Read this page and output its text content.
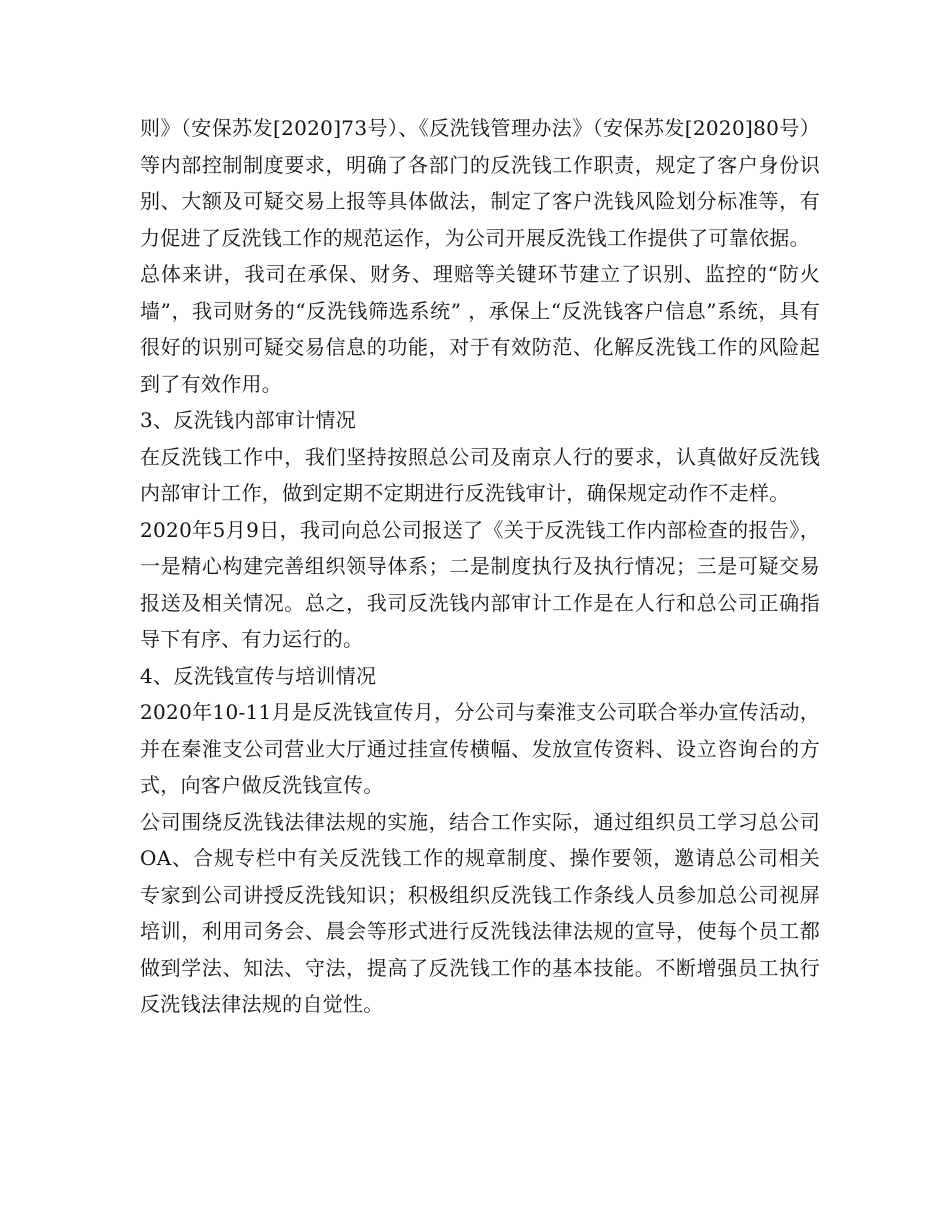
则》（安保苏发[2020]73号）、《反洗钱管理办法》（安保苏发[2020]80号）等内部控制制度要求，明确了各部门的反洗钱工作职责，规定了客户身份识别、大额及可疑交易上报等具体做法，制定了客户洗钱风险划分标准等，有力促进了反洗钱工作的规范运作，为公司开展反洗钱工作提供了可靠依据。

总体来讲，我司在承保、财务、理赔等关键环节建立了识别、监控的“防火墙”，我司财务的“反洗钱筛选系统” ，承保上“反洗钱客户信息”系统，具有很好的识别可疑交易信息的功能，对于有效防范、化解反洗钱工作的风险起到了有效作用。

3、反洗钱内部审计情况

在反洗钱工作中，我们坚持按照总公司及南京人行的要求，认真做好反洗钱内部审计工作，做到定期不定期进行反洗钱审计，确保规定动作不走样。

2020年5月9日，我司向总公司报送了《关于反洗钱工作内部检查的报告》，一是精心构建完善组织领导体系；二是制度执行及执行情况；三是可疑交易报送及相关情况。总之，我司反洗钱内部审计工作是在人行和总公司正确指导下有序、有力运行的。

4、反洗钱宣传与培训情况

2020年10-11月是反洗钱宣传月，分公司与秦淮支公司联合举办宣传活动，并在秦淮支公司营业大厅通过挂宣传横幅、发放宣传资料、设立咨询台的方式，向客户做反洗钱宣传。

公司围绕反洗钱法律法规的实施，结合工作实际，通过组织员工学习总公司OA、合规专栏中有关反洗钱工作的规章制度、操作要领，邀请总公司相关专家到公司讲授反洗钱知识；积极组织反洗钱工作条线人员参加总公司视屏培训，利用司务会、晨会等形式进行反洗钱法律法规的宣导，使每个员工都做到学法、知法、守法，提高了反洗钱工作的基本技能。不断增强员工执行反洗钱法律法规的自觉性。
